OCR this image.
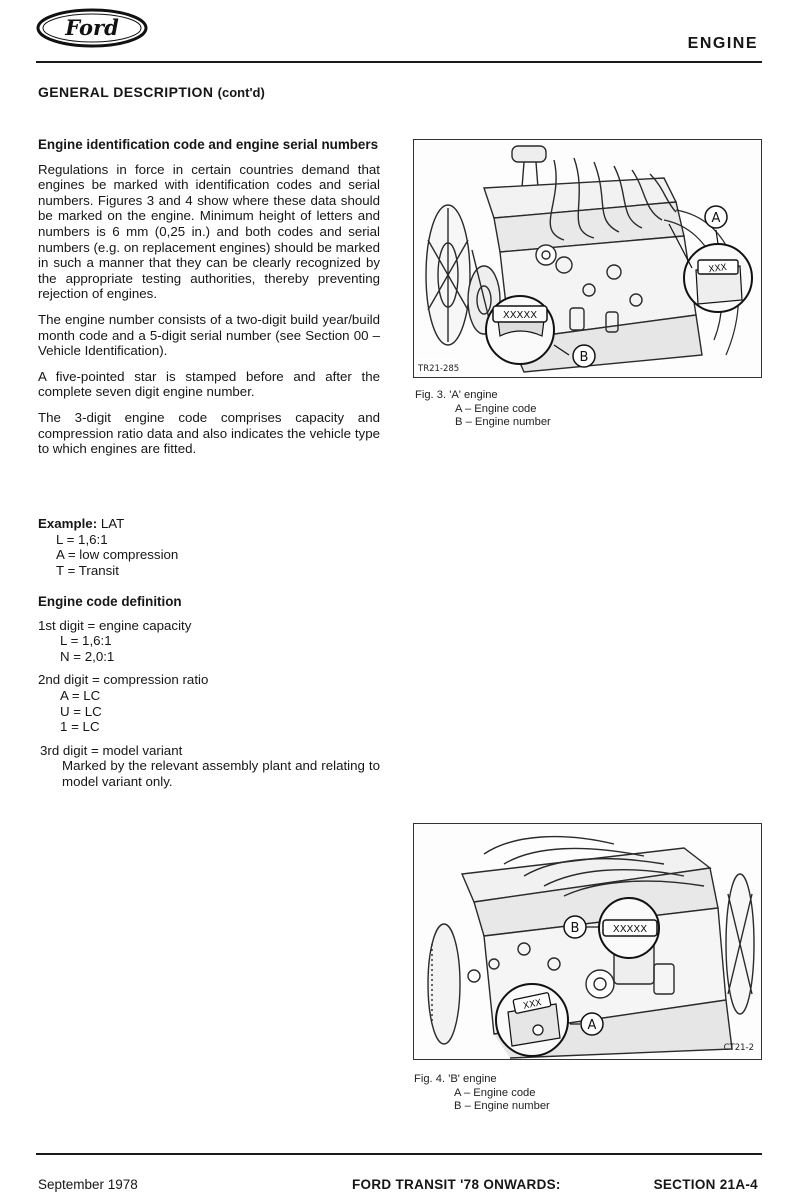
Ford
ENGINE
GENERAL DESCRIPTION (cont'd)
Engine identification code and engine serial numbers

Regulations in force in certain countries demand that engines be marked with identification codes and serial numbers. Figures 3 and 4 show where these data should be marked on the engine. Minimum height of letters and numbers is 6 mm (0,25 in.) and both codes and serial numbers (e.g. on replacement engines) should be marked in such a manner that they can be clearly recognized by the appropriate testing authorities, thereby preventing rejection of engines.

The engine number consists of a two-digit build year/build month code and a 5-digit serial number (see Section 00 – Vehicle Identification).

A five-pointed star is stamped before and after the complete seven digit engine number.

The 3-digit engine code comprises capacity and compression ratio data and also indicates the vehicle type to which engines are fitted.

Example: LAT
L = 1,6:1
A = low compression
T = Transit
Engine code definition
1st digit = engine capacity
L = 1,6:1
N = 2,0:1
2nd digit = compression ratio
A = LC
U = LC
1 = LC
3rd digit = model variant
Marked by the relevant assembly plant and relating to model variant only.
XXXXX
B
XXX
A
TR21-285
Fig. 3. 'A' engine
A – Engine code
B – Engine number
XXXXX
B
XXX
A
CT21-2
Fig. 4. 'B' engine
A – Engine code
B – Engine number
September 1978	FORD TRANSIT '78 ONWARDS:	SECTION 21A-4
